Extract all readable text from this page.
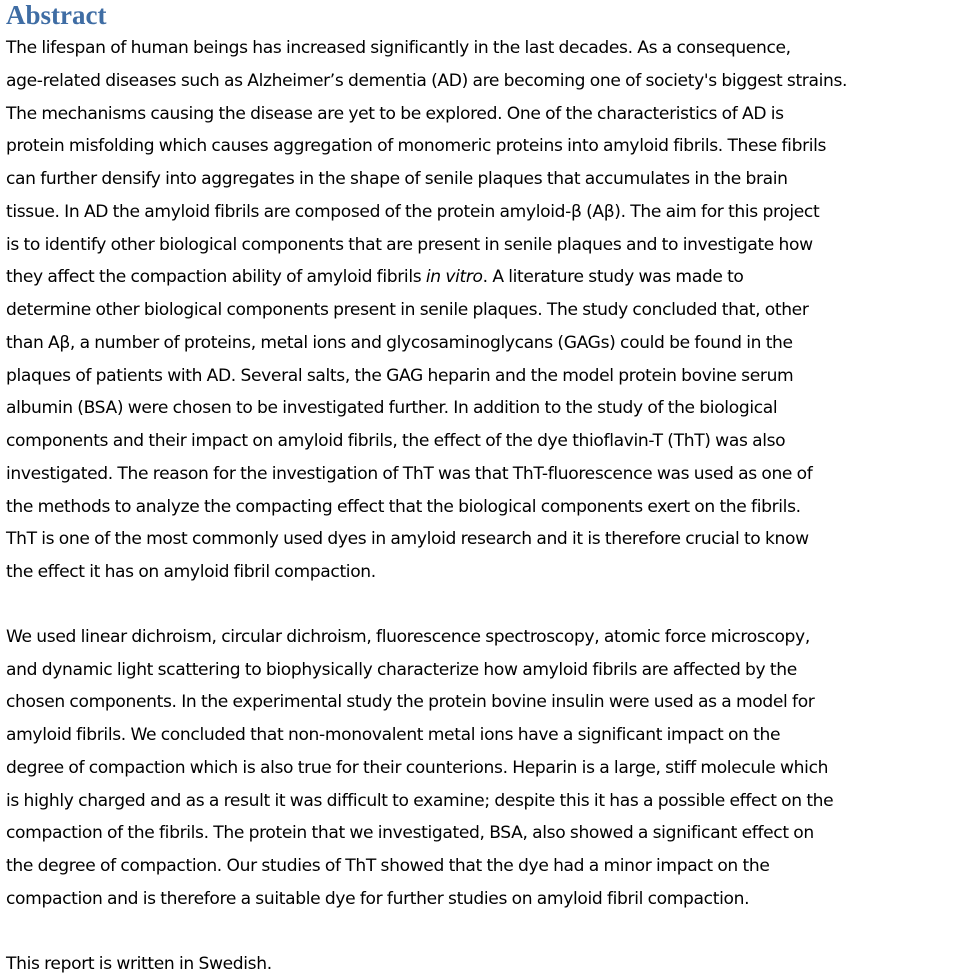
Abstract

The lifespan of human beings has increased significantly in the last decades. As a consequence,
age-related diseases such as Alzheimer’s dementia (AD) are becoming one of society's biggest strains.
The mechanisms causing the disease are yet to be explored. One of the characteristics of AD is
protein misfolding which causes aggregation of monomeric proteins into amyloid fibrils. These fibrils
can further densify into aggregates in the shape of senile plaques that accumulates in the brain
tissue. In AD the amyloid fibrils are composed of the protein amyloid-β (Aβ). The aim for this project
is to identify other biological components that are present in senile plaques and to investigate how
they affect the compaction ability of amyloid fibrils in vitro. A literature study was made to
determine other biological components present in senile plaques. The study concluded that, other
than Aβ, a number of proteins, metal ions and glycosaminoglycans (GAGs) could be found in the
plaques of patients with AD. Several salts, the GAG heparin and the model protein bovine serum
albumin (BSA) were chosen to be investigated further. In addition to the study of the biological
components and their impact on amyloid fibrils, the effect of the dye thioflavin-T (ThT) was also
investigated. The reason for the investigation of ThT was that ThT-fluorescence was used as one of
the methods to analyze the compacting effect that the biological components exert on the fibrils.
ThT is one of the most commonly used dyes in amyloid research and it is therefore crucial to know
the effect it has on amyloid fibril compaction.

We used linear dichroism, circular dichroism, fluorescence spectroscopy, atomic force microscopy,
and dynamic light scattering to biophysically characterize how amyloid fibrils are affected by the
chosen components. In the experimental study the protein bovine insulin were used as a model for
amyloid fibrils. We concluded that non-monovalent metal ions have a significant impact on the
degree of compaction which is also true for their counterions. Heparin is a large, stiff molecule which
is highly charged and as a result it was difficult to examine; despite this it has a possible effect on the
compaction of the fibrils. The protein that we investigated, BSA, also showed a significant effect on
the degree of compaction. Our studies of ThT showed that the dye had a minor impact on the
compaction and is therefore a suitable dye for further studies on amyloid fibril compaction.

This report is written in Swedish.
